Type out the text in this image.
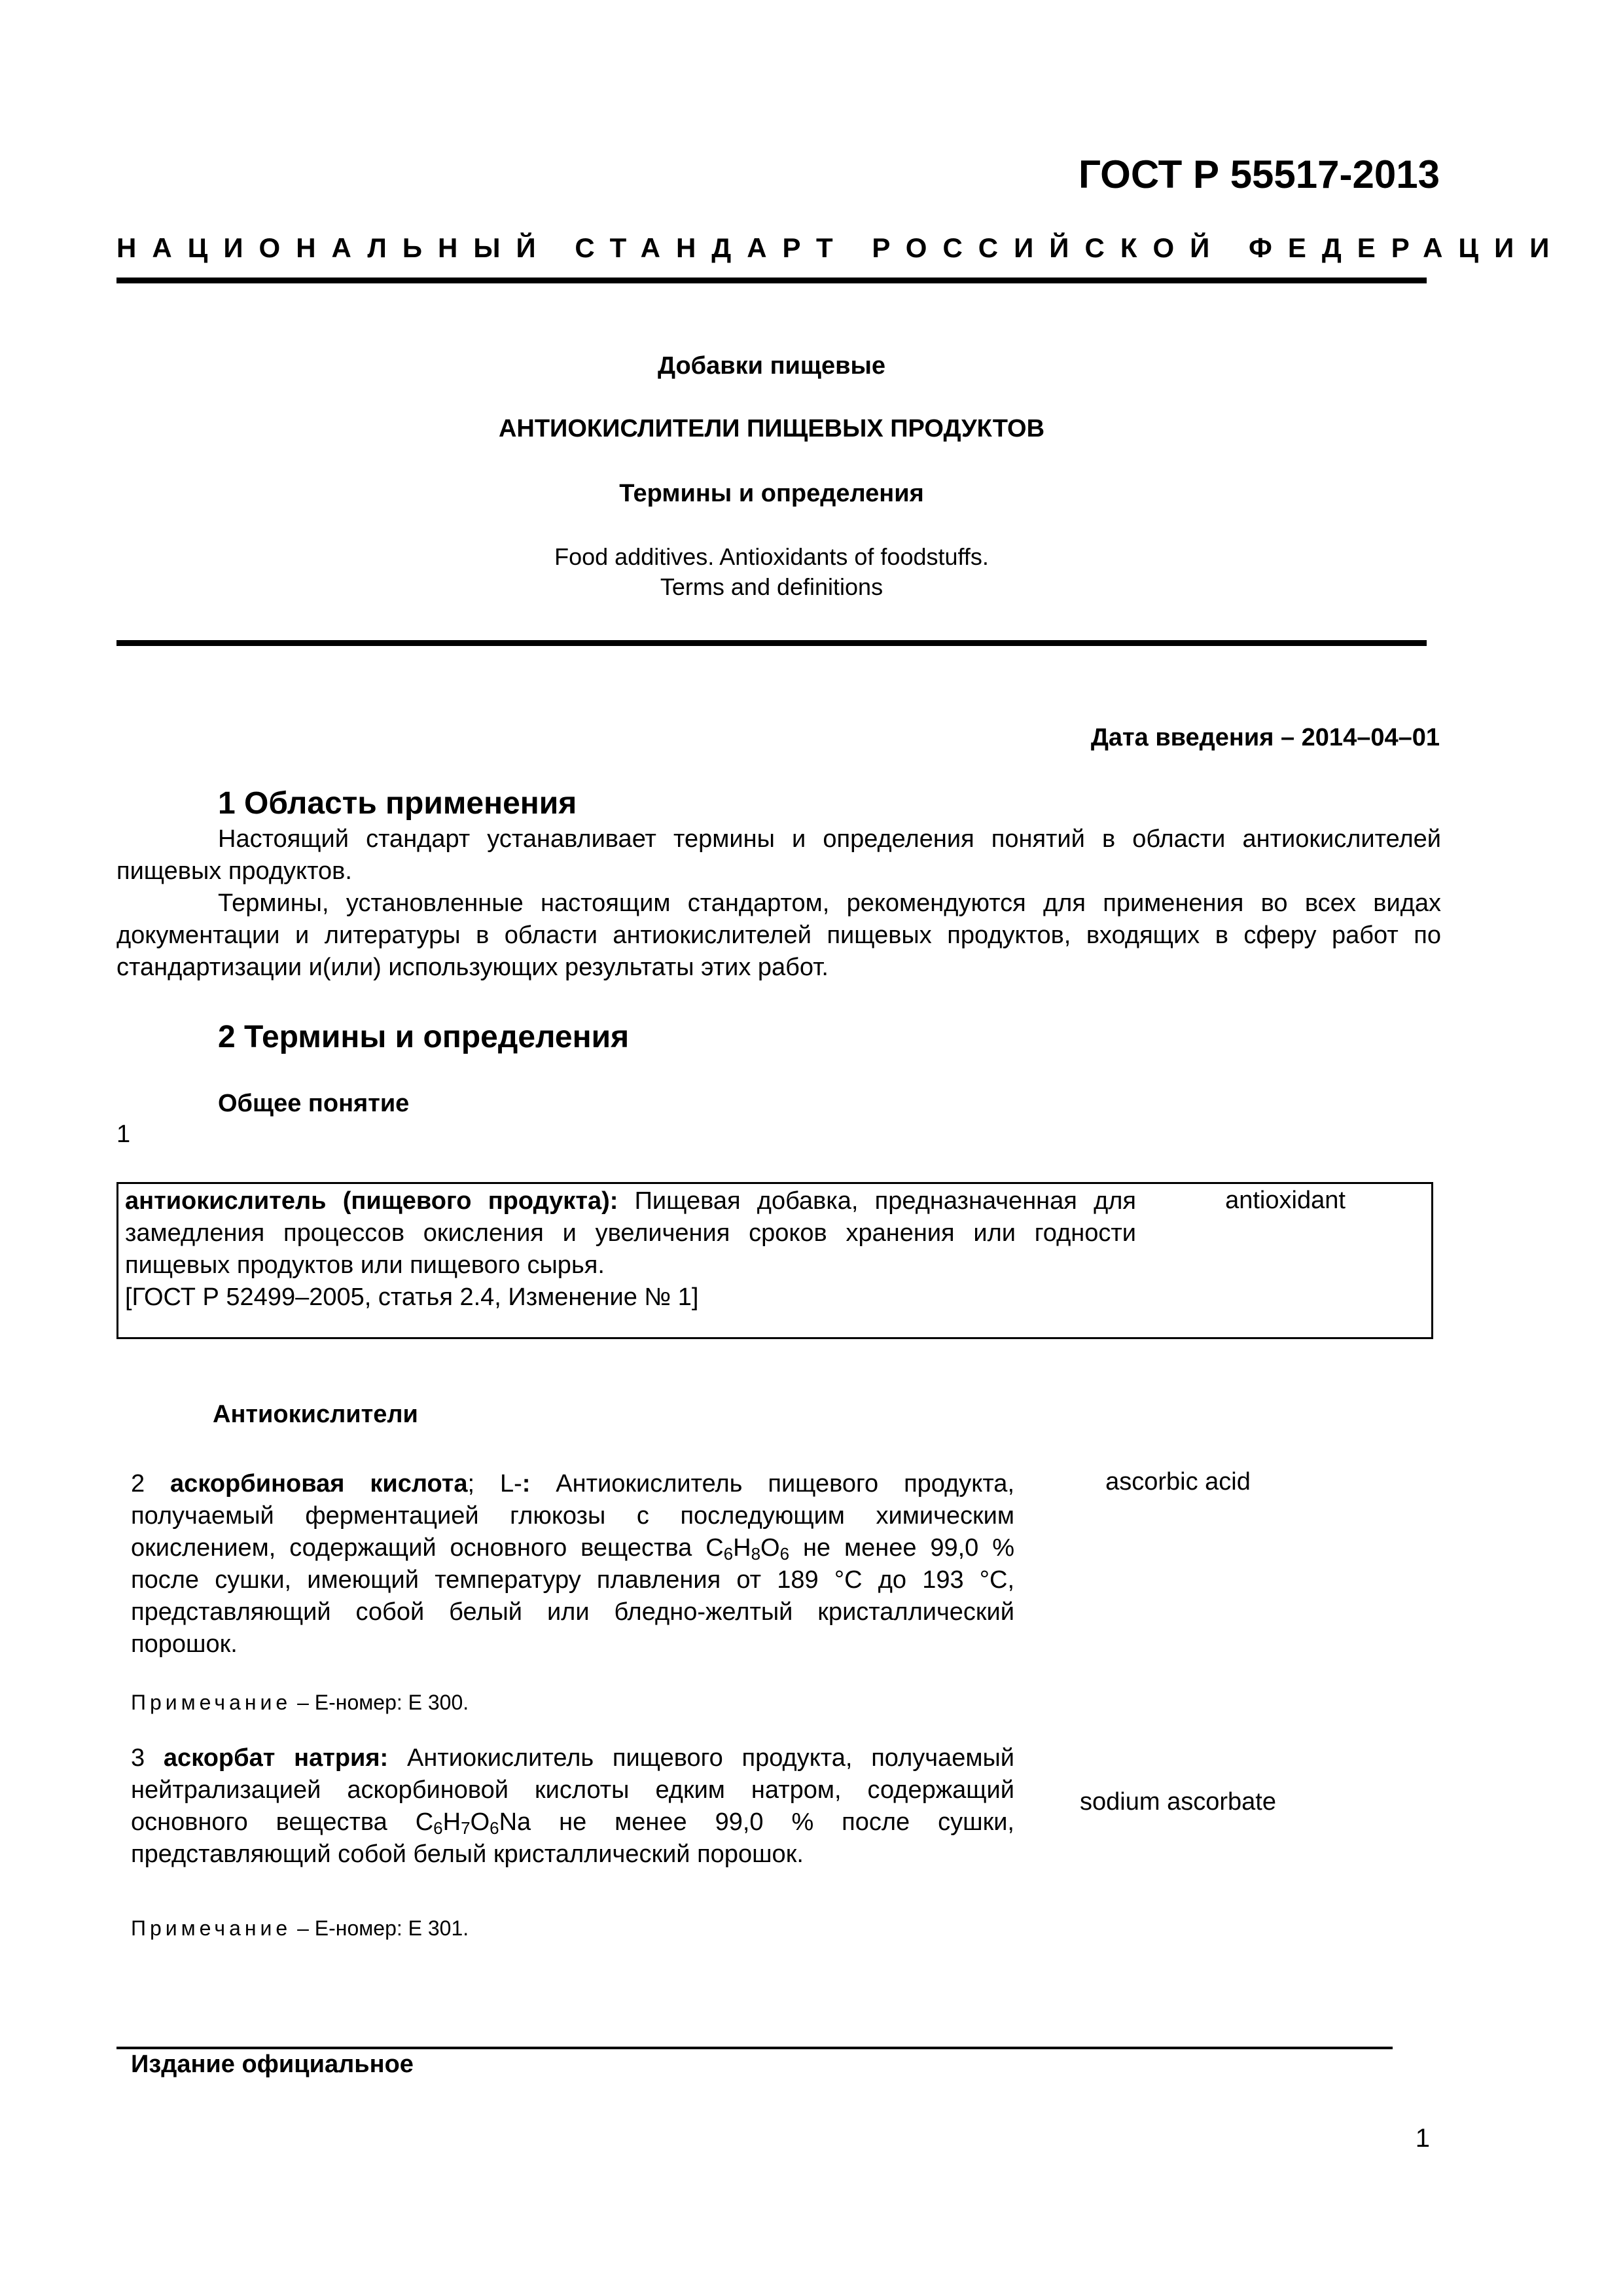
ГОСТ Р 55517-2013
НАЦИОНАЛЬНЫЙ СТАНДАРТ РОССИЙСКОЙ ФЕДЕРАЦИИ
Добавки пищевые
АНТИОКИСЛИТЕЛИ ПИЩЕВЫХ ПРОДУКТОВ
Термины и определения
Food additives. Antioxidants of foodstuffs.
Terms and definitions
Дата введения – 2014–04–01
1 Область применения
Настоящий стандарт устанавливает термины и определения понятий в области антиокислителей пищевых продуктов.
Термины, установленные настоящим стандартом, рекомендуются для применения во всех видах документации и литературы в области антиокислителей пищевых продуктов, входящих в сферу работ по стандартизации и(или) использующих результаты этих работ.
2 Термины и определения
Общее понятие
1
антиокислитель (пищевого продукта): Пищевая добавка, предназначенная для замедления процессов окисления и увеличения сроков хранения или годности пищевых продуктов или пищевого сырья.
[ГОСТ Р 52499–2005, статья 2.4, Изменение № 1]
antioxidant
Антиокислители
2 аскорбиновая кислота; L-: Антиокислитель пищевого продукта, получаемый ферментацией глюкозы с последующим химическим окислением, содержащий основного вещества $C_6H_8O_6$ не менее 99,0 % после сушки, имеющий температуру плавления от 189 °C до 193 °C, представляющий собой белый или бледно-желтый кристаллический порошок.
ascorbic acid
Примечание – Е-номер: Е 300.
3 аскорбат натрия: Антиокислитель пищевого продукта, получаемый нейтрализацией аскорбиновой кислоты едким натром, содержащий основного вещества $C_6H_7O_6Na$ не менее 99,0 % после сушки, представляющий собой белый кристаллический порошок.
sodium ascorbate
Примечание – Е-номер: Е 301.
Издание официальное
1
